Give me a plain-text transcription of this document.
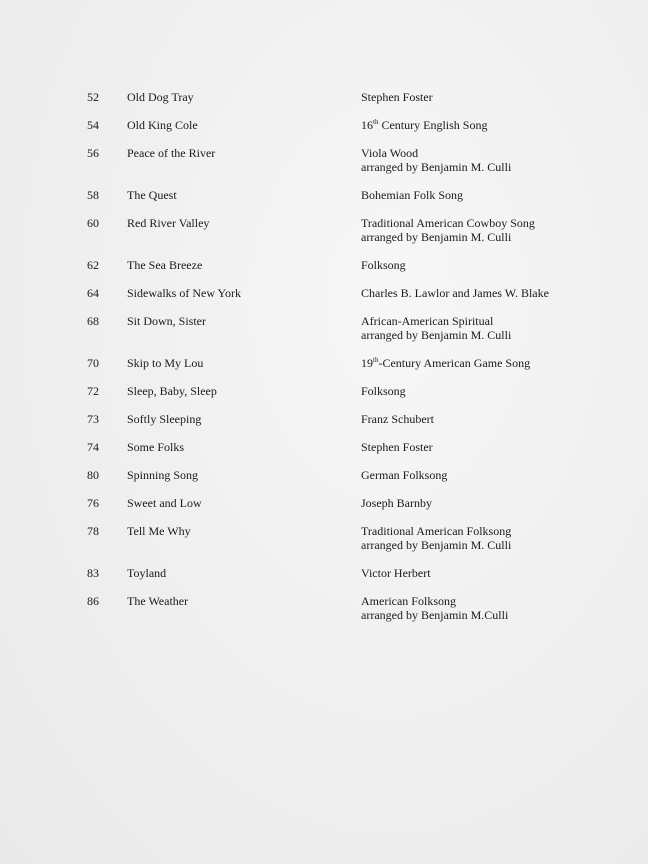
52 Old Dog Tray	Stephen Foster
54 Old King Cole	16th Century English Song
56 Peace of the River	Viola Wood
arranged by Benjamin M. Culli
58 The Quest	Bohemian Folk Song
60 Red River Valley	Traditional American Cowboy Song
arranged by Benjamin M. Culli
62 The Sea Breeze	Folksong
64 Sidewalks of New York	Charles B. Lawlor and James W. Blake
68 Sit Down, Sister	African-American Spiritual
arranged by Benjamin M. Culli
70 Skip to My Lou	19th-Century American Game Song
72 Sleep, Baby, Sleep	Folksong
73 Softly Sleeping	Franz Schubert
74 Some Folks	Stephen Foster
80 Spinning Song	German Folksong
76 Sweet and Low	Joseph Barnby
78 Tell Me Why	Traditional American Folksong
arranged by Benjamin M. Culli
83 Toyland	Victor Herbert
86 The Weather	American Folksong
arranged by Benjamin M.Culli
